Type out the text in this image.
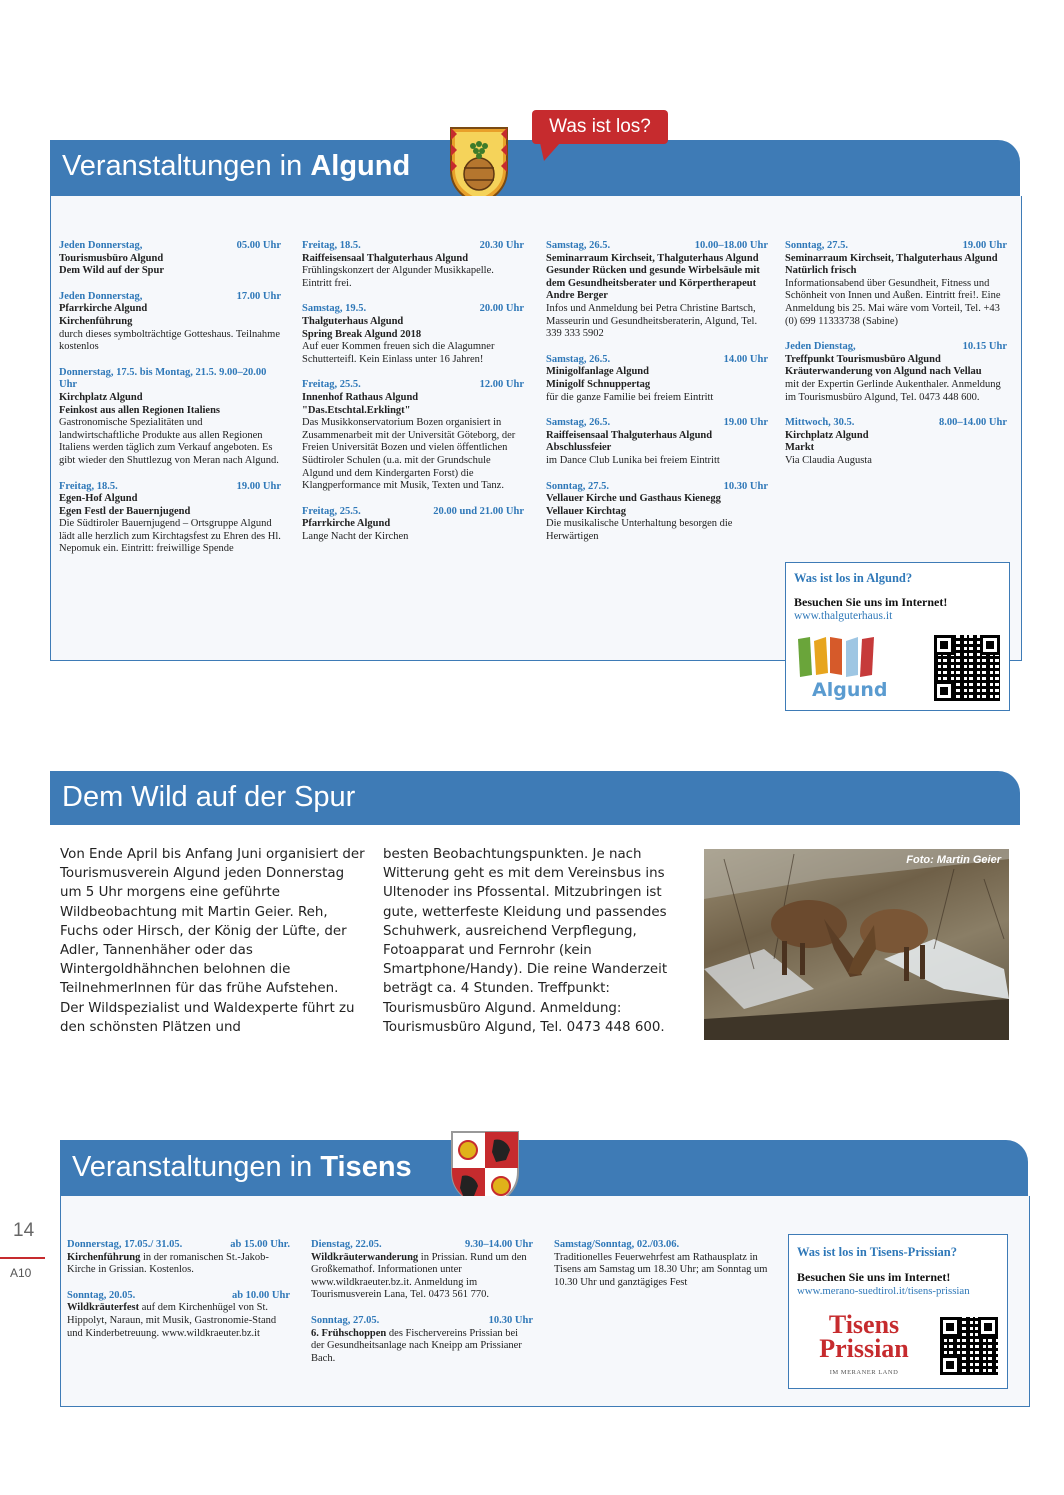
Veranstaltungen in Algund
Was ist los?
Jeden Donnerstag,	05.00 Uhr
Tourismusbüro Algund
Dem Wild auf der Spur
Jeden Donnerstag,	17.00 Uhr
Pfarrkirche Algund
Kirchenführung
durch dieses symbolträchtige Gotteshaus. Teilnahme kostenlos
Donnerstag, 17.5. bis Montag, 21.5. 9.00–20.00 Uhr
Kirchplatz Algund
Feinkost aus allen Regionen Italiens
Gastronomische Spezialitäten und landwirtschaftliche Produkte aus allen Regionen Italiens werden täglich zum Verkauf angeboten. Es gibt wieder den Shuttlezug von Meran nach Algund.
Freitag, 18.5.	19.00 Uhr
Egen-Hof Algund
Egen Festl der Bauernjugend
Die Südtiroler Bauernjugend – Ortsgruppe Algund lädt alle herzlich zum Kirchtagsfest zu Ehren des Hl. Nepomuk ein. Eintritt: freiwillige Spende
Freitag, 18.5.	20.30 Uhr
Raiffeisensaal Thalguterhaus Algund
Frühlingskonzert der Algunder Musikkapelle. Eintritt frei.
Samstag, 19.5.	20.00 Uhr
Thalguterhaus Algund
Spring Break Algund 2018
Auf euer Kommen freuen sich die Alagumner Schutterteifl. Kein Einlass unter 16 Jahren!
Freitag, 25.5.	12.00 Uhr
Innenhof Rathaus Algund
"Das.Etschtal.Erklingt"
Das Musikkonservatorium Bozen organisiert in Zusammenarbeit mit der Universität Göteborg, der Freien Universität Bozen und vielen öffentlichen Südtiroler Schulen (u.a. mit der Grundschule Algund und dem Kindergarten Forst) die Klangperformance mit Musik, Texten und Tanz.
Freitag, 25.5.	20.00 und 21.00 Uhr
Pfarrkirche Algund
Lange Nacht der Kirchen
Samstag, 26.5.	10.00–18.00 Uhr
Seminarraum Kirchseit, Thalguterhaus Algund
Gesunder Rücken und gesunde Wirbelsäule mit dem Gesundheitsberater und Körpertherapeut Andre Berger
Infos und Anmeldung bei Petra Christine Bartsch, Masseurin und Gesundheitsberaterin, Algund, Tel. 339 333 5902
Samstag, 26.5.	14.00 Uhr
Minigolfanlage Algund
Minigolf Schnuppertag
für die ganze Familie bei freiem Eintritt
Samstag, 26.5.	19.00 Uhr
Raiffeisensaal Thalguterhaus Algund
Abschlussfeier
im Dance Club Lunika bei freiem Eintritt
Sonntag, 27.5.	10.30 Uhr
Vellauer Kirche und Gasthaus Kienegg
Vellauer Kirchtag
Die musikalische Unterhaltung besorgen die Herwärtigen
Sonntag, 27.5.	19.00 Uhr
Seminarraum Kirchseit, Thalguterhaus Algund
Natürlich frisch
Informationsabend über Gesundheit, Fitness und Schönheit von Innen und Außen. Eintritt frei!. Eine Anmeldung bis 25. Mai wäre vom Vorteil, Tel. +43 (0) 699 11333738 (Sabine)
Jeden Dienstag,	10.15 Uhr
Treffpunkt Tourismusbüro Algund
Kräuterwanderung von Algund nach Vellau
mit der Expertin Gerlinde Aukenthaler. Anmeldung im Tourismusbüro Algund, Tel. 0473 448 600.
Mittwoch, 30.5.	8.00–14.00 Uhr
Kirchplatz Algund
Markt
Via Claudia Augusta
Was ist los in Algund?
Besuchen Sie uns im Internet!
www.thalguterhaus.it
Algund
Dem Wild auf der Spur
Von Ende April bis Anfang Juni organisiert der Tourismusverein Algund jeden Donnerstag um 5 Uhr morgens eine geführte Wildbeobachtung mit Martin Geier. Reh, Fuchs oder Hirsch, der König der Lüfte, der Adler, Tannenhäher oder das Wintergoldhähnchen belohnen die TeilnehmerInnen für das frühe Aufstehen. Der Wildspezialist und Waldexperte führt zu den schönsten Plätzen und
besten Beobachtungspunkten. Je nach Witterung geht es mit dem Vereinsbus ins Ultenoder ins Pfossental. Mitzubringen ist gute, wetterfeste Kleidung und passendes Schuhwerk, ausreichend Verpflegung, Fotoapparat und Fernrohr (kein Smartphone/Handy). Die reine Wanderzeit beträgt ca. 4 Stunden. Treffpunkt: Tourismusbüro Algund. Anmeldung: Tourismusbüro Algund, Tel. 0473 448 600.
Foto: Martin Geier
Veranstaltungen in Tisens
Donnerstag, 17.05./ 31.05.	ab 15.00 Uhr.
Kirchenführung in der romanischen St.-Jakob-Kirche in Grissian. Kostenlos.
Sonntag, 20.05.	ab 10.00 Uhr
Wildkräuterfest auf dem Kirchenhügel von St. Hippolyt, Naraun, mit Musik, Gastronomie-Stand und Kinderbetreuung. www.wildkraeuter.bz.it
Dienstag, 22.05.	9.30–14.00 Uhr
Wildkräuterwanderung in Prissian. Rund um den Großkemathof. Informationen unter www.wildkraeuter.bz.it. Anmeldung im Tourismusverein Lana, Tel. 0473 561 770.
Sonntag, 27.05.	10.30 Uhr
6. Frühschoppen des Fischervereins Prissian bei der Gesundheitsanlage nach Kneipp am Prissianer Bach.
Samstag/Sonntag, 02./03.06.
Traditionelles Feuerwehrfest am Rathausplatz in Tisens am Samstag um 18.30 Uhr; am Sonntag um 10.30 Uhr und ganztägiges Fest
Was ist los in Tisens-Prissian?
Besuchen Sie uns im Internet!
www.merano-suedtirol.it/tisens-prissian
Tisens
Prissian
IM MERANER LAND
14
A10
